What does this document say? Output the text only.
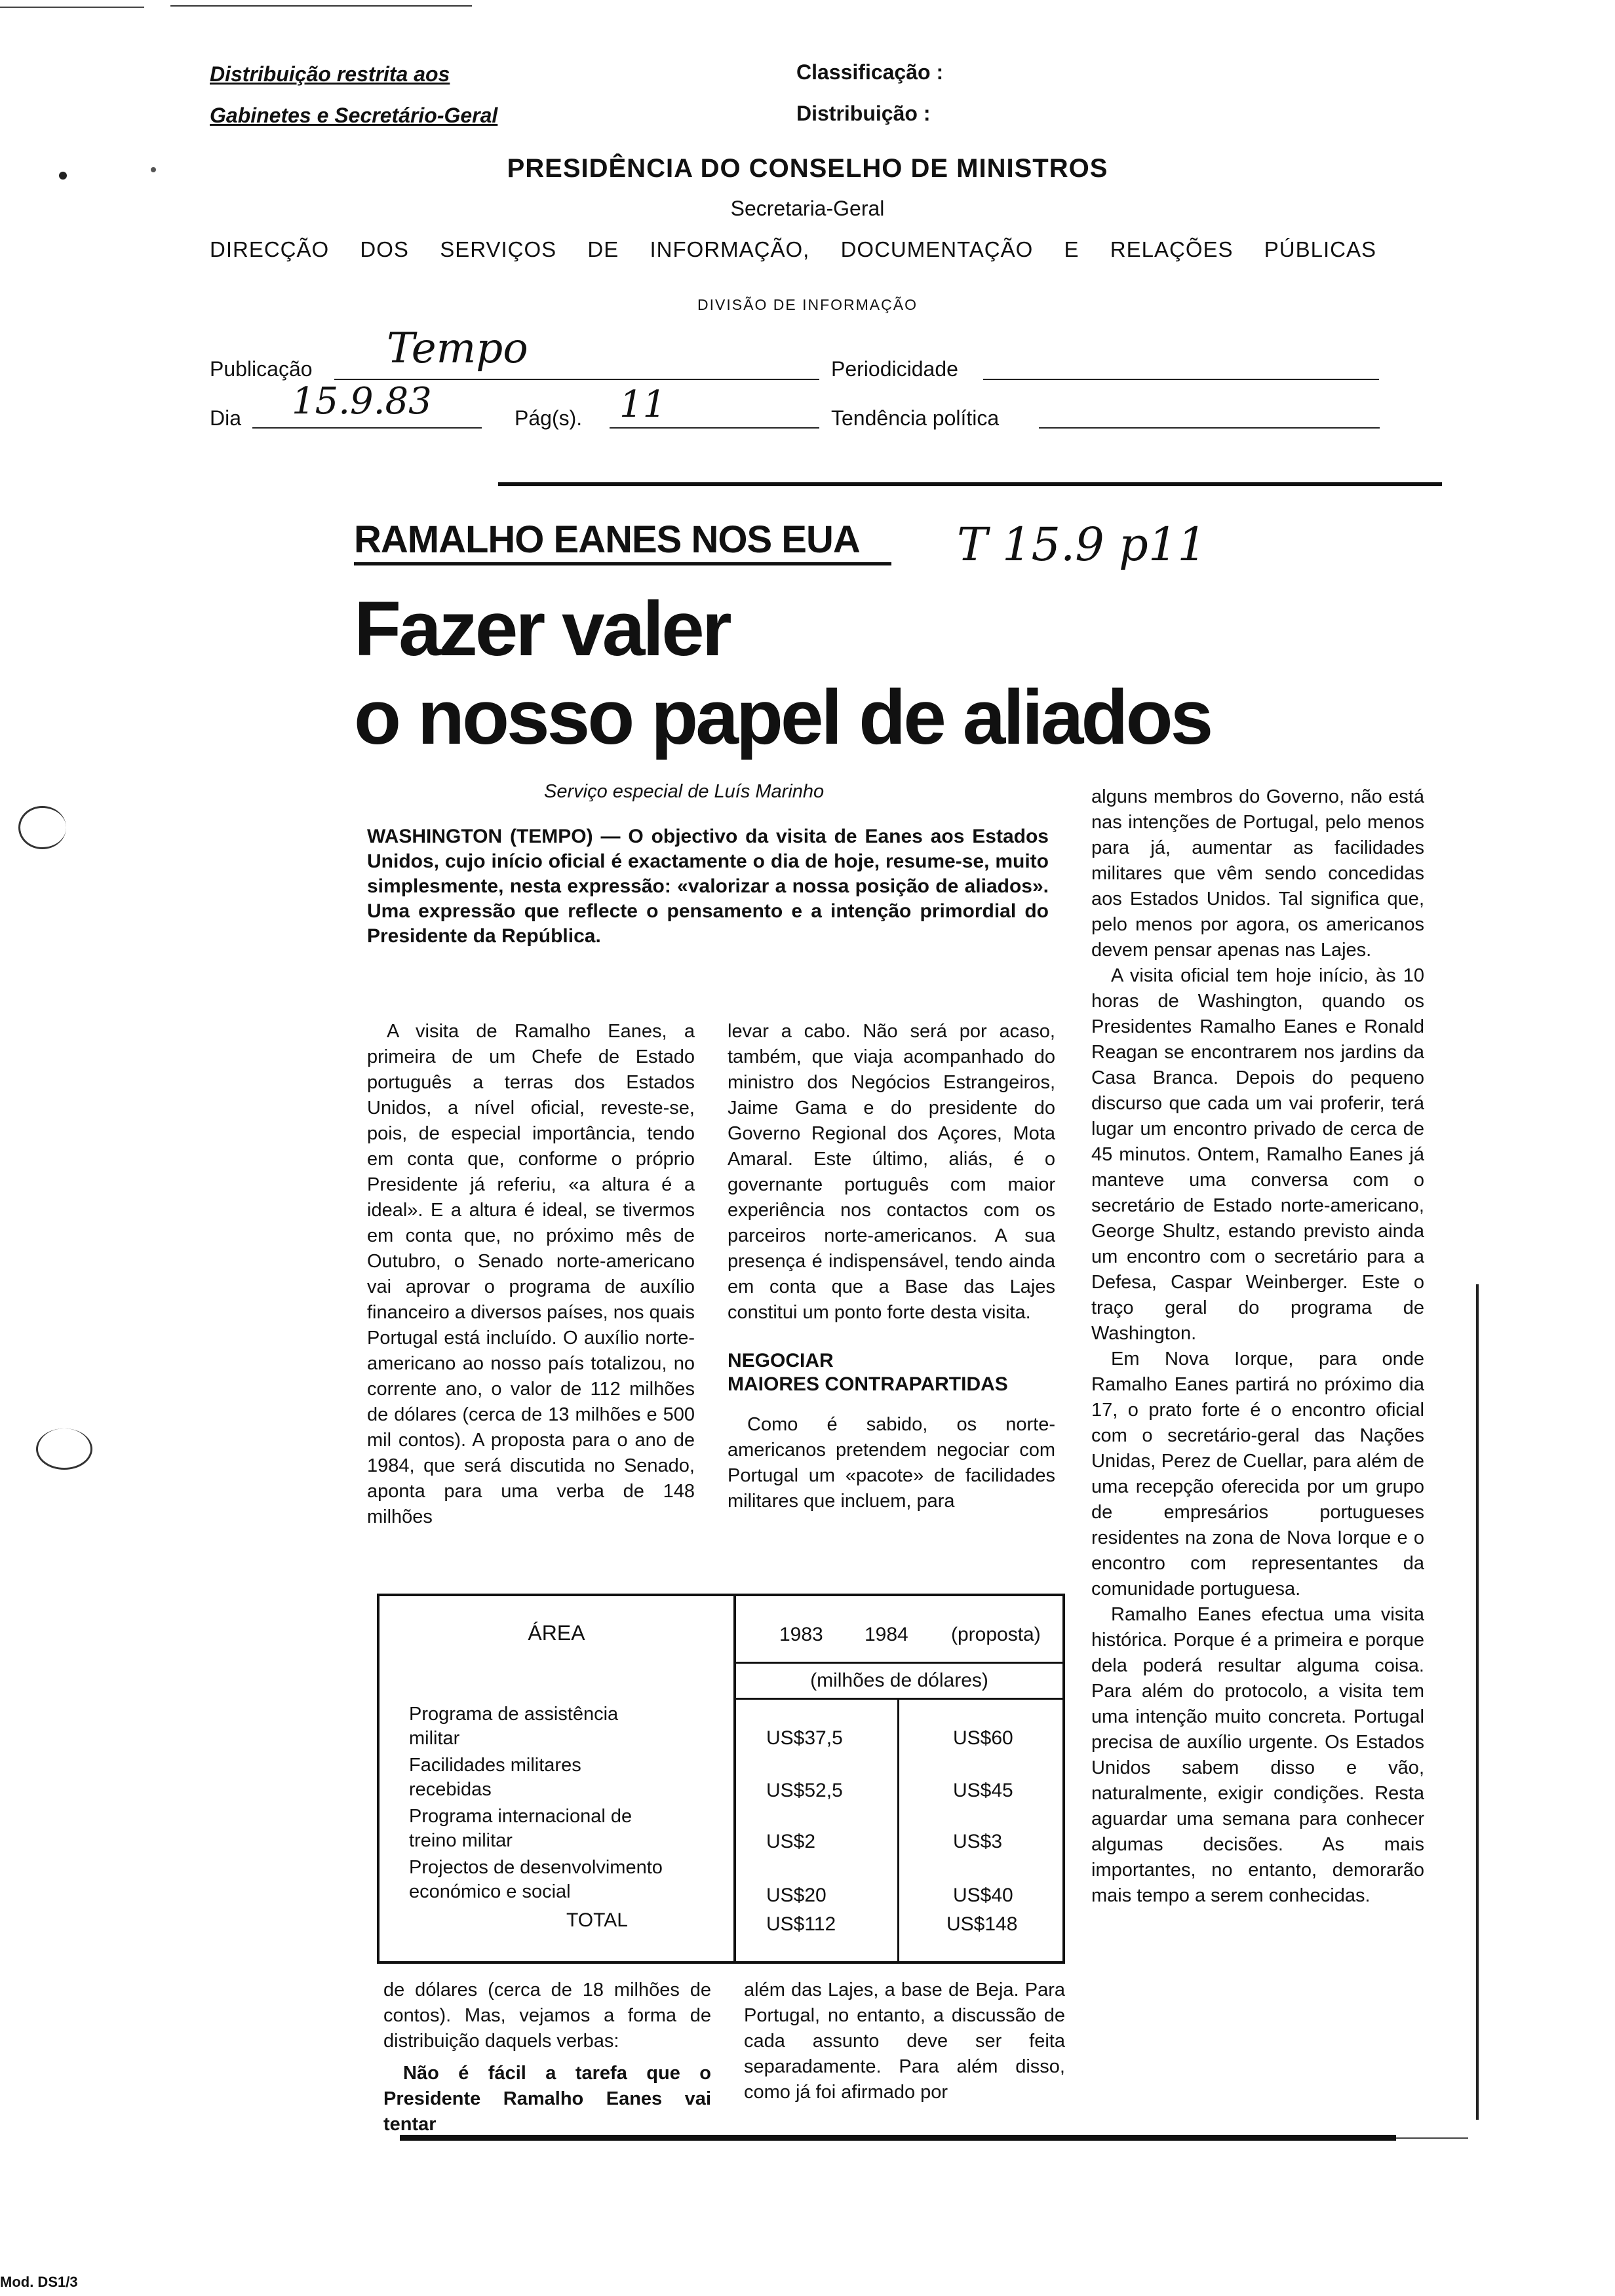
Distribuição restrita aos
Gabinetes e Secretário-Geral
Classificação :
Distribuição :
PRESIDÊNCIA DO CONSELHO DE MINISTROS
Secretaria-Geral
DIRECÇÃO DOS SERVIÇOS DE INFORMAÇÃO, DOCUMENTAÇÃO E RELAÇÕES PÚBLICAS
DIVISÃO DE INFORMAÇÃO
Publicação Tempo	Periodicidade
Dia 15.9.83	Pág(s). 11	Tendência política
RAMALHO EANES NOS EUA T 15.9 p11
Fazer valer
o nosso papel de aliados
Serviço especial de Luís Marinho
WASHINGTON (TEMPO) — O objectivo da visita de Eanes aos Estados Unidos, cujo início oficial é exactamente o dia de hoje, resume-se, muito simplesmente, nesta expressão: «valorizar a nossa posição de aliados». Uma expressão que reflecte o pensamento e a intenção primordial do Presidente da República.

A visita de Ramalho Eanes, a primeira de um Chefe de Estado português a terras dos Estados Unidos, a nível oficial, reveste-se, pois, de especial importância, tendo em conta que, conforme o próprio Presidente já referiu, «a altura é a ideal». E a altura é ideal, se tivermos em conta que, no próximo mês de Outubro, o Senado norte-americano vai aprovar o programa de auxílio financeiro a diversos países, nos quais Portugal está incluído. O auxílio norte-americano ao nosso país totalizou, no corrente ano, o valor de 112 milhões de dólares (cerca de 13 milhões e 500 mil contos). A proposta para o ano de 1984, que será discutida no Senado, aponta para uma verba de 148 milhões

levar a cabo. Não será por acaso, também, que viaja acompanhado do ministro dos Negócios Estrangeiros, Jaime Gama e do presidente do Governo Regional dos Açores, Mota Amaral. Este último, aliás, é o governante português com maior experiência nos contactos com os parceiros norte-americanos. A sua presença é indispensável, tendo ainda em conta que a Base das Lajes constitui um ponto forte desta visita.

NEGOCIAR
MAIORES CONTRAPARTIDAS

Como é sabido, os norte-americanos pretendem negociar com Portugal um «pacote» de facilidades militares que incluem, para

alguns membros do Governo, não está nas intenções de Portugal, pelo menos para já, aumentar as facilidades militares que vêm sendo concedidas aos Estados Unidos. Tal significa que, pelo menos por agora, os americanos devem pensar apenas nas Lajes.

A visita oficial tem hoje início, às 10 horas de Washington, quando os Presidentes Ramalho Eanes e Ronald Reagan se encontrarem nos jardins da Casa Branca. Depois do pequeno discurso que cada um vai proferir, terá lugar um encontro privado de cerca de 45 minutos. Ontem, Ramalho Eanes já manteve uma conversa com o secretário de Estado norte-americano, George Shultz, estando previsto ainda um encontro com o secretário para a Defesa, Caspar Weinberger. Este o traço geral do programa de Washington.

Em Nova Iorque, para onde Ramalho Eanes partirá no próximo dia 17, o prato forte é o encontro oficial com o secretário-geral das Nações Unidas, Perez de Cuellar, para além de uma recepção oferecida por um grupo de empresários portugueses residentes na zona de Nova Iorque e o encontro com representantes da comunidade portuguesa.

Ramalho Eanes efectua uma visita histórica. Porque é a primeira e porque dela poderá resultar alguma coisa. Para além do protocolo, a visita tem uma intenção muito concreta. Portugal precisa de auxílio urgente. Os Estados Unidos sabem disso e vão, naturalmente, exigir condições. Resta aguardar uma semana para conhecer algumas decisões. As mais importantes, no entanto, demorarão mais tempo a serem conhecidas.

ÁREA	1983 1984 (proposta)
(milhões de dólares)
Programa de assistência
militar	US$37,5	US$60
Facilidades militares
recebidas	US$52,5	US$45
Programa internacional de
treino militar	US$2	US$3
Projectos de desenvolvimento
económico e social	US$20	US$40
TOTAL	US$112	US$148

de dólares (cerca de 18 milhões de contos). Mas, vejamos a forma de distribuição daquels verbas:

Não é fácil a tarefa que o Presidente Ramalho Eanes vai tentar

além das Lajes, a base de Beja. Para Portugal, no entanto, a discussão de cada assunto deve ser feita separadamente. Para além disso, como já foi afirmado por

Mod. DS1/3
